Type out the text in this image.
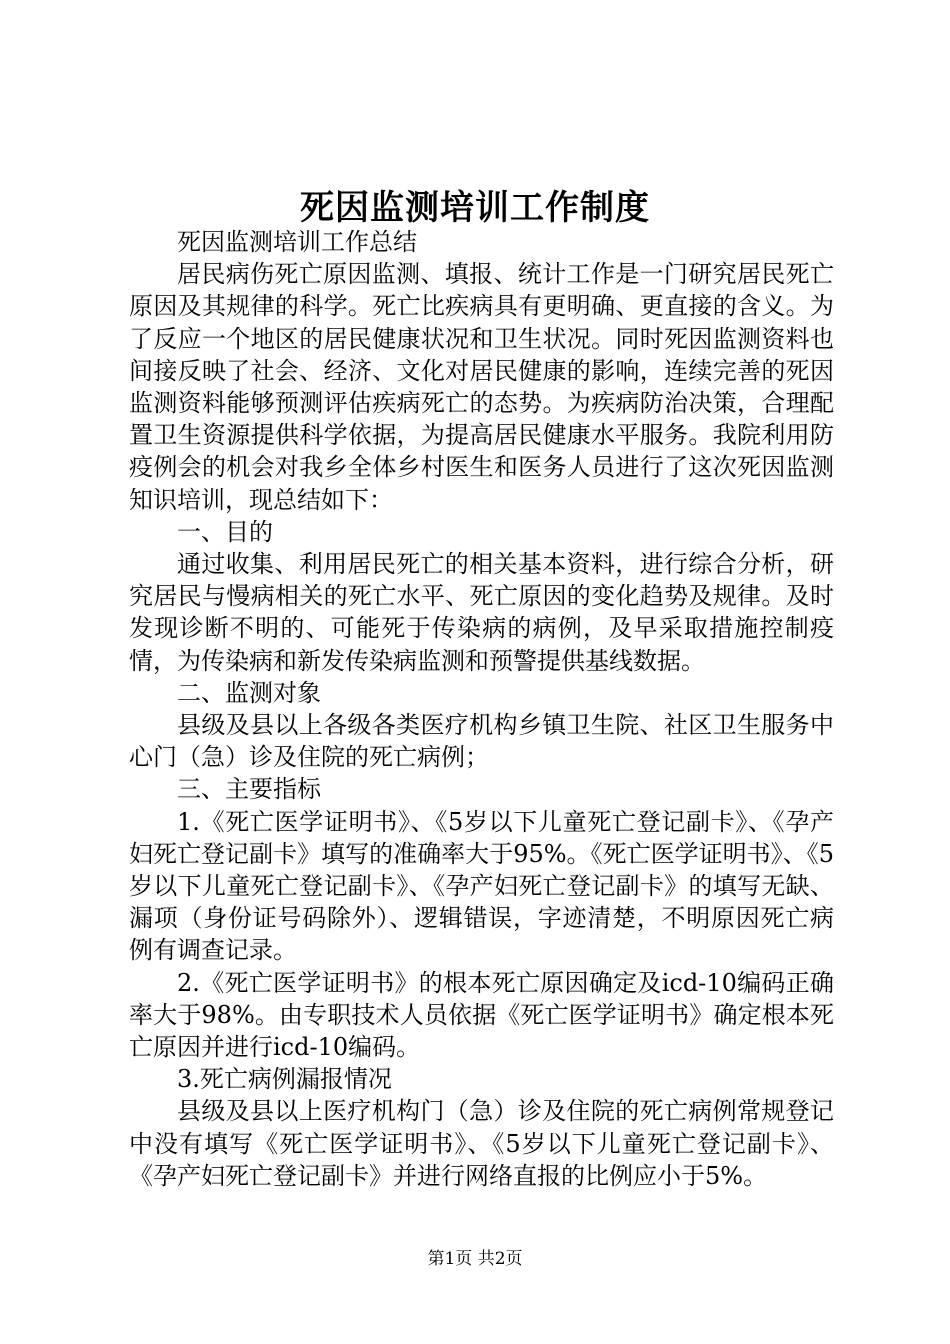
死因监测培训工作制度

死因监测培训工作总结

居民病伤死亡原因监测、填报、统计工作是一门研究居民死亡原因及其规律的科学。死亡比疾病具有更明确、更直接的含义。为了反应一个地区的居民健康状况和卫生状况。同时死因监测资料也间接反映了社会、经济、文化对居民健康的影响，连续完善的死因监测资料能够预测评估疾病死亡的态势。为疾病防治决策，合理配置卫生资源提供科学依据，为提高居民健康水平服务。我院利用防疫例会的机会对我乡全体乡村医生和医务人员进行了这次死因监测知识培训，现总结如下：

一、目的

通过收集、利用居民死亡的相关基本资料，进行综合分析，研究居民与慢病相关的死亡水平、死亡原因的变化趋势及规律。及时发现诊断不明的、可能死于传染病的病例，及早采取措施控制疫情，为传染病和新发传染病监测和预警提供基线数据。

二、监测对象

县级及县以上各级各类医疗机构乡镇卫生院、社区卫生服务中心门（急）诊及住院的死亡病例；

三、主要指标

1.《死亡医学证明书》、《5岁以下儿童死亡登记副卡》、《孕产妇死亡登记副卡》填写的准确率大于95%。《死亡医学证明书》、《5岁以下儿童死亡登记副卡》、《孕产妇死亡登记副卡》的填写无缺、漏项（身份证号码除外）、逻辑错误，字迹清楚，不明原因死亡病例有调查记录。

2.《死亡医学证明书》的根本死亡原因确定及icd-10编码正确率大于98%。由专职技术人员依据《死亡医学证明书》确定根本死亡原因并进行icd-10编码。

3.死亡病例漏报情况

县级及县以上医疗机构门（急）诊及住院的死亡病例常规登记中没有填写《死亡医学证明书》、《5岁以下儿童死亡登记副卡》、《孕产妇死亡登记副卡》并进行网络直报的比例应小于5%。

第1页 共2页
